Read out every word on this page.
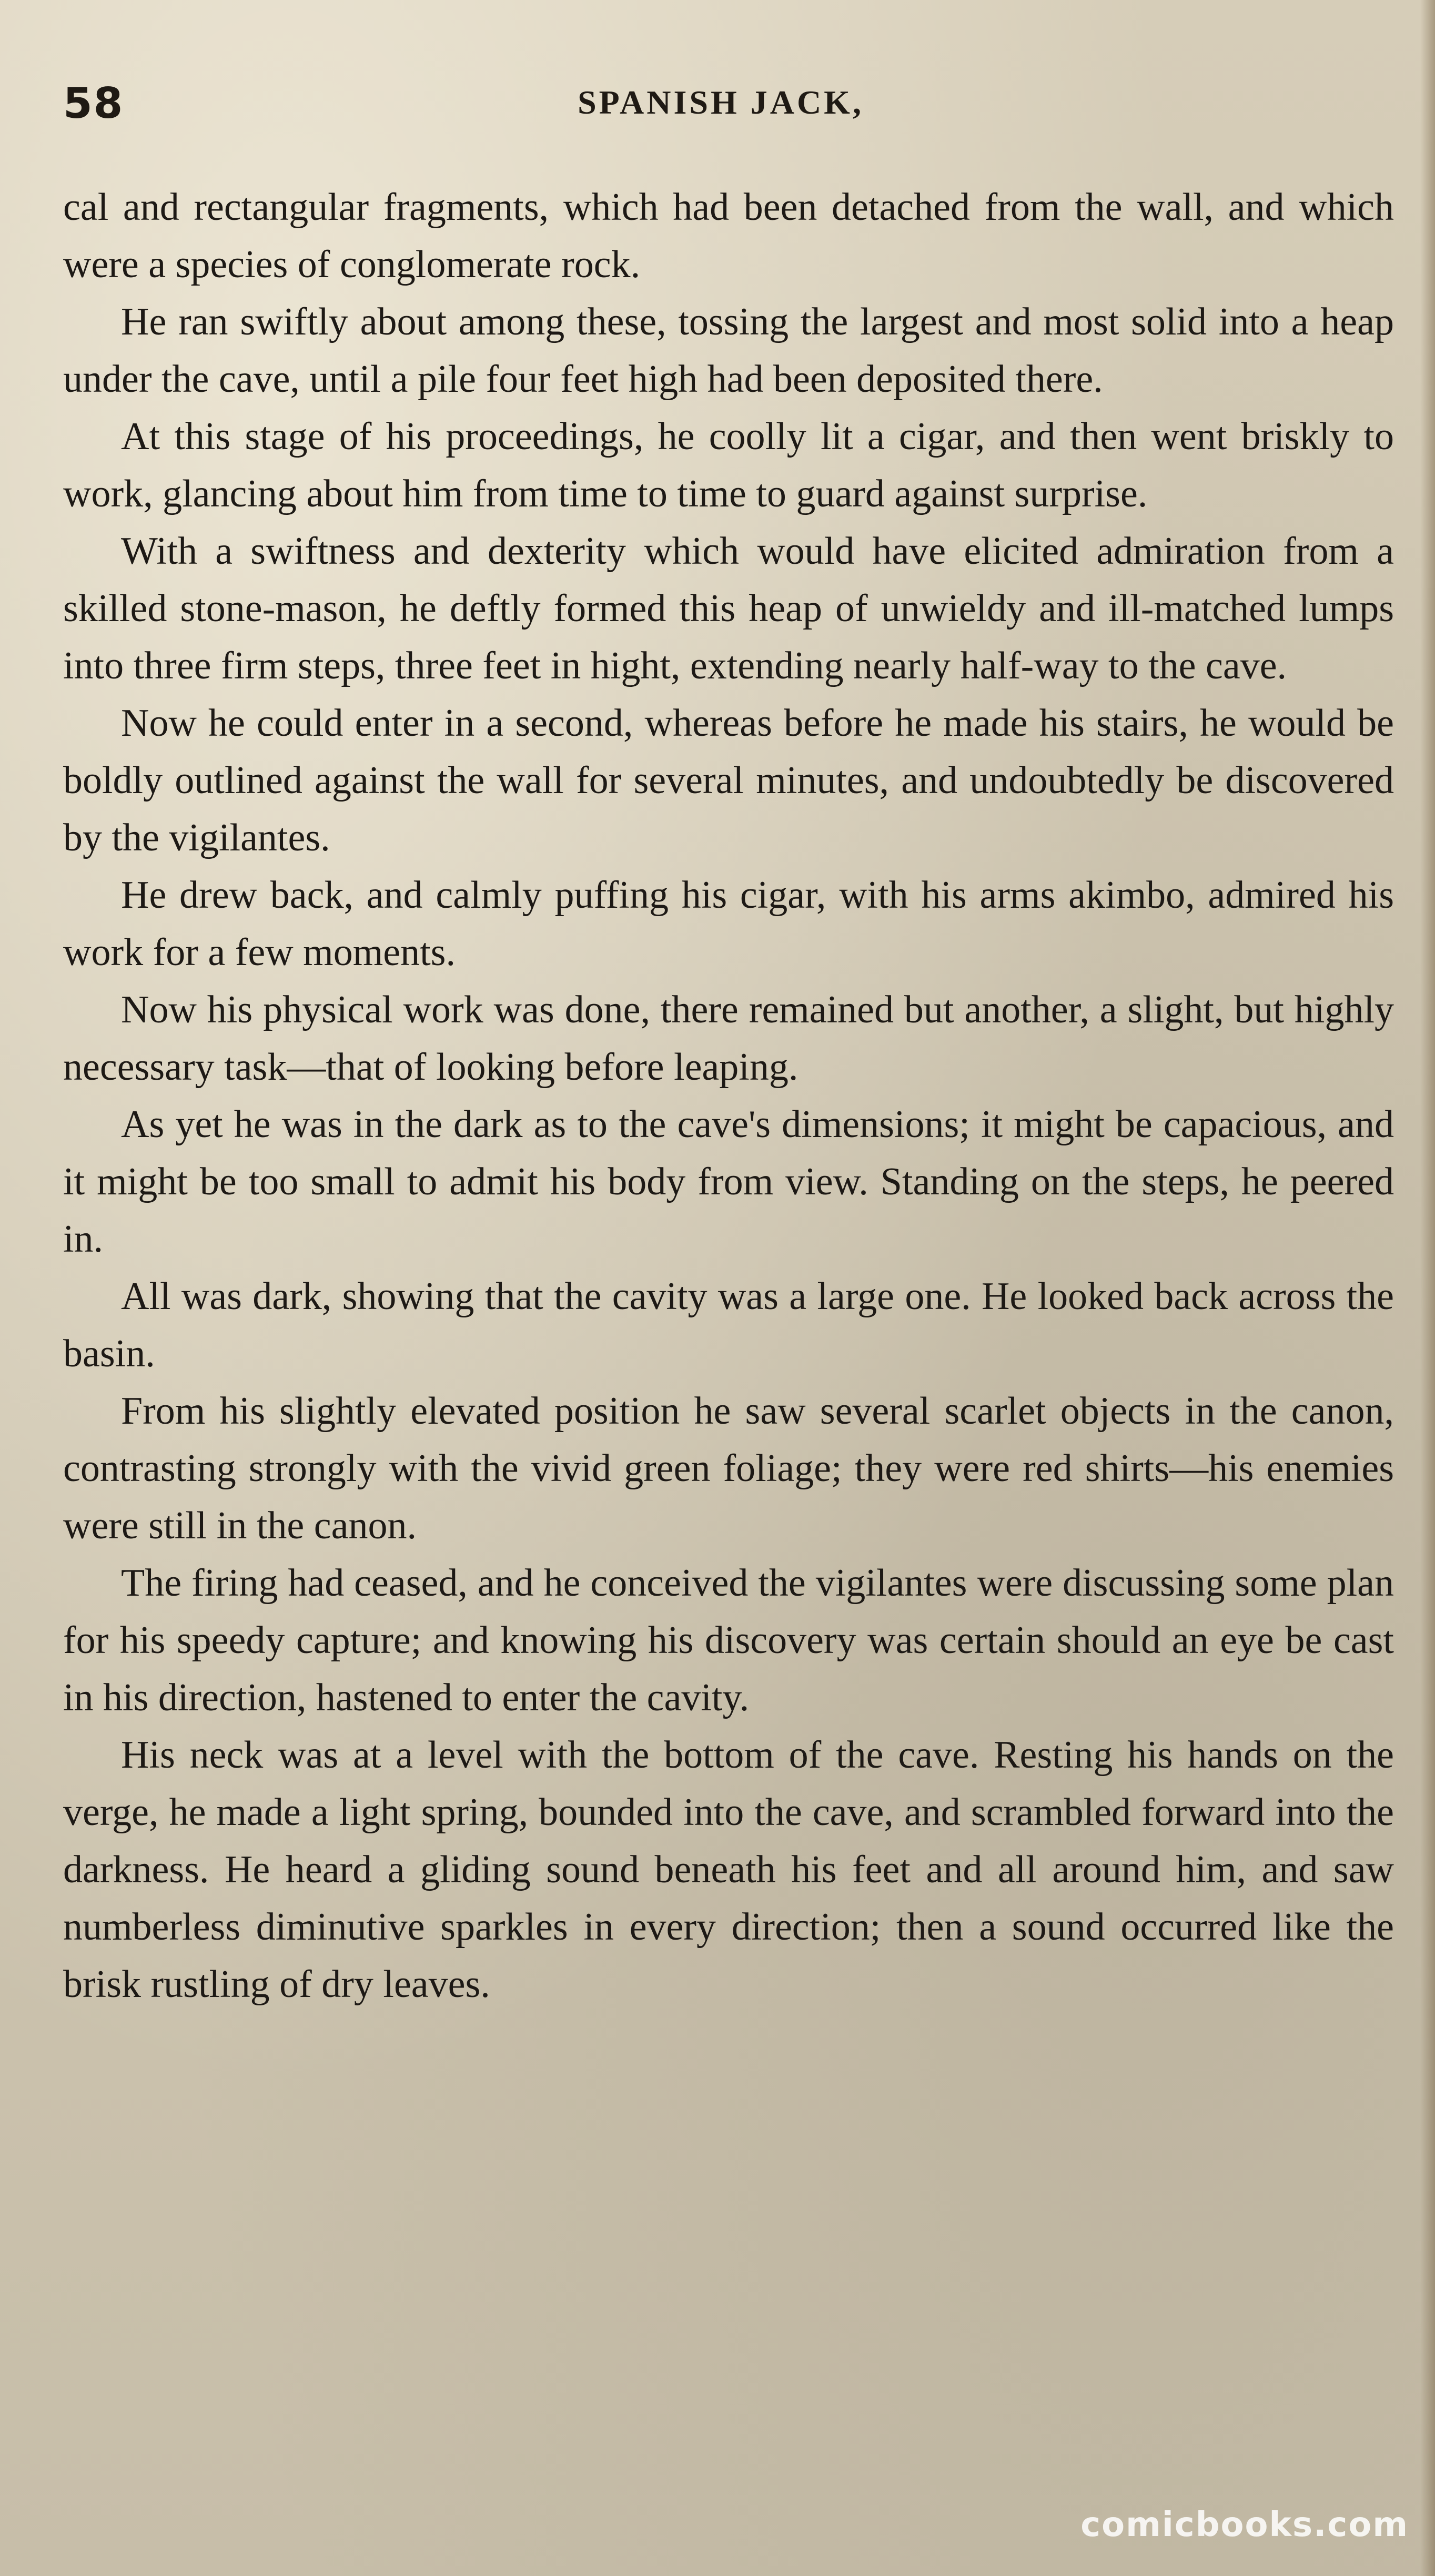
58	SPANISH JACK,

cal and rectangular fragments, which had been detached from the wall, and which were a species of conglomerate rock.

He ran swiftly about among these, tossing the largest and most solid into a heap under the cave, until a pile four feet high had been deposited there.

At this stage of his proceedings, he coolly lit a cigar, and then went briskly to work, glancing about him from time to time to guard against surprise.

With a swiftness and dexterity which would have elicited admiration from a skilled stone-mason, he deftly formed this heap of unwieldy and ill-matched lumps into three firm steps, three feet in hight, extending nearly half-way to the cave.

Now he could enter in a second, whereas before he made his stairs, he would be boldly outlined against the wall for several minutes, and undoubtedly be discovered by the vigilantes.

He drew back, and calmly puffing his cigar, with his arms akimbo, admired his work for a few moments.

Now his physical work was done, there remained but another, a slight, but highly necessary task—that of looking before leaping.

As yet he was in the dark as to the cave's dimensions; it might be capacious, and it might be too small to admit his body from view. Standing on the steps, he peered in.

All was dark, showing that the cavity was a large one. He looked back across the basin.

From his slightly elevated position he saw several scarlet objects in the canon, contrasting strongly with the vivid green foliage; they were red shirts—his enemies were still in the canon.

The firing had ceased, and he conceived the vigilantes were discussing some plan for his speedy capture; and knowing his discovery was certain should an eye be cast in his direction, hastened to enter the cavity.

His neck was at a level with the bottom of the cave. Resting his hands on the verge, he made a light spring, bounded into the cave, and scrambled forward into the darkness. He heard a gliding sound beneath his feet and all around him, and saw numberless diminutive sparkles in every direction; then a sound occurred like the brisk rustling of dry leaves.

comicbooks.com
